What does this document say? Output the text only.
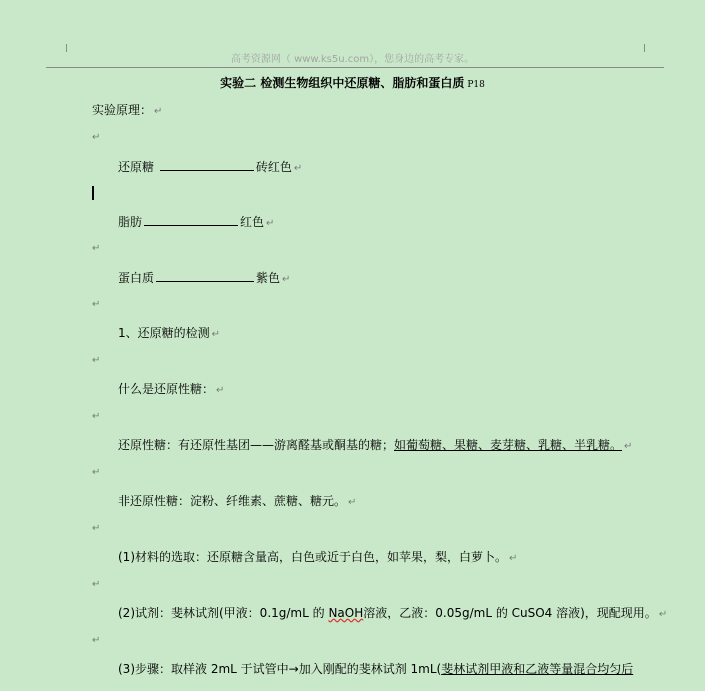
高考资源网（ www.ks5u.com），您身边的高考专家。
实验二 检测生物组织中还原糖、脂肪和蛋白质 P18
实验原理： ↵
↵
还原糖	砖红色 ↵
脂肪	红色 ↵
↵
蛋白质	紫色 ↵
↵
1、还原糖的检测 ↵
↵
什么是还原性糖： ↵
↵
还原性糖：有还原性基团——游离醛基或酮基的糖；如葡萄糖、果糖、麦芽糖、乳糖、半乳糖。 ↵
↵
非还原性糖：淀粉、纤维素、蔗糖、糖元。 ↵
↵
(1)材料的选取：还原糖含量高，白色或近于白色，如苹果，梨，白萝卜。 ↵
↵
(2)试剂：斐林试剂(甲液：0.1g/mL 的 NaOH溶液，乙液：0.05g/mL 的 CuSO4 溶液)，现配现用。 ↵
↵
(3)步骤：取样液 2mL 于试管中→加入刚配的斐林试剂 1mL(斐林试剂甲液和乙液等量混合均匀后
